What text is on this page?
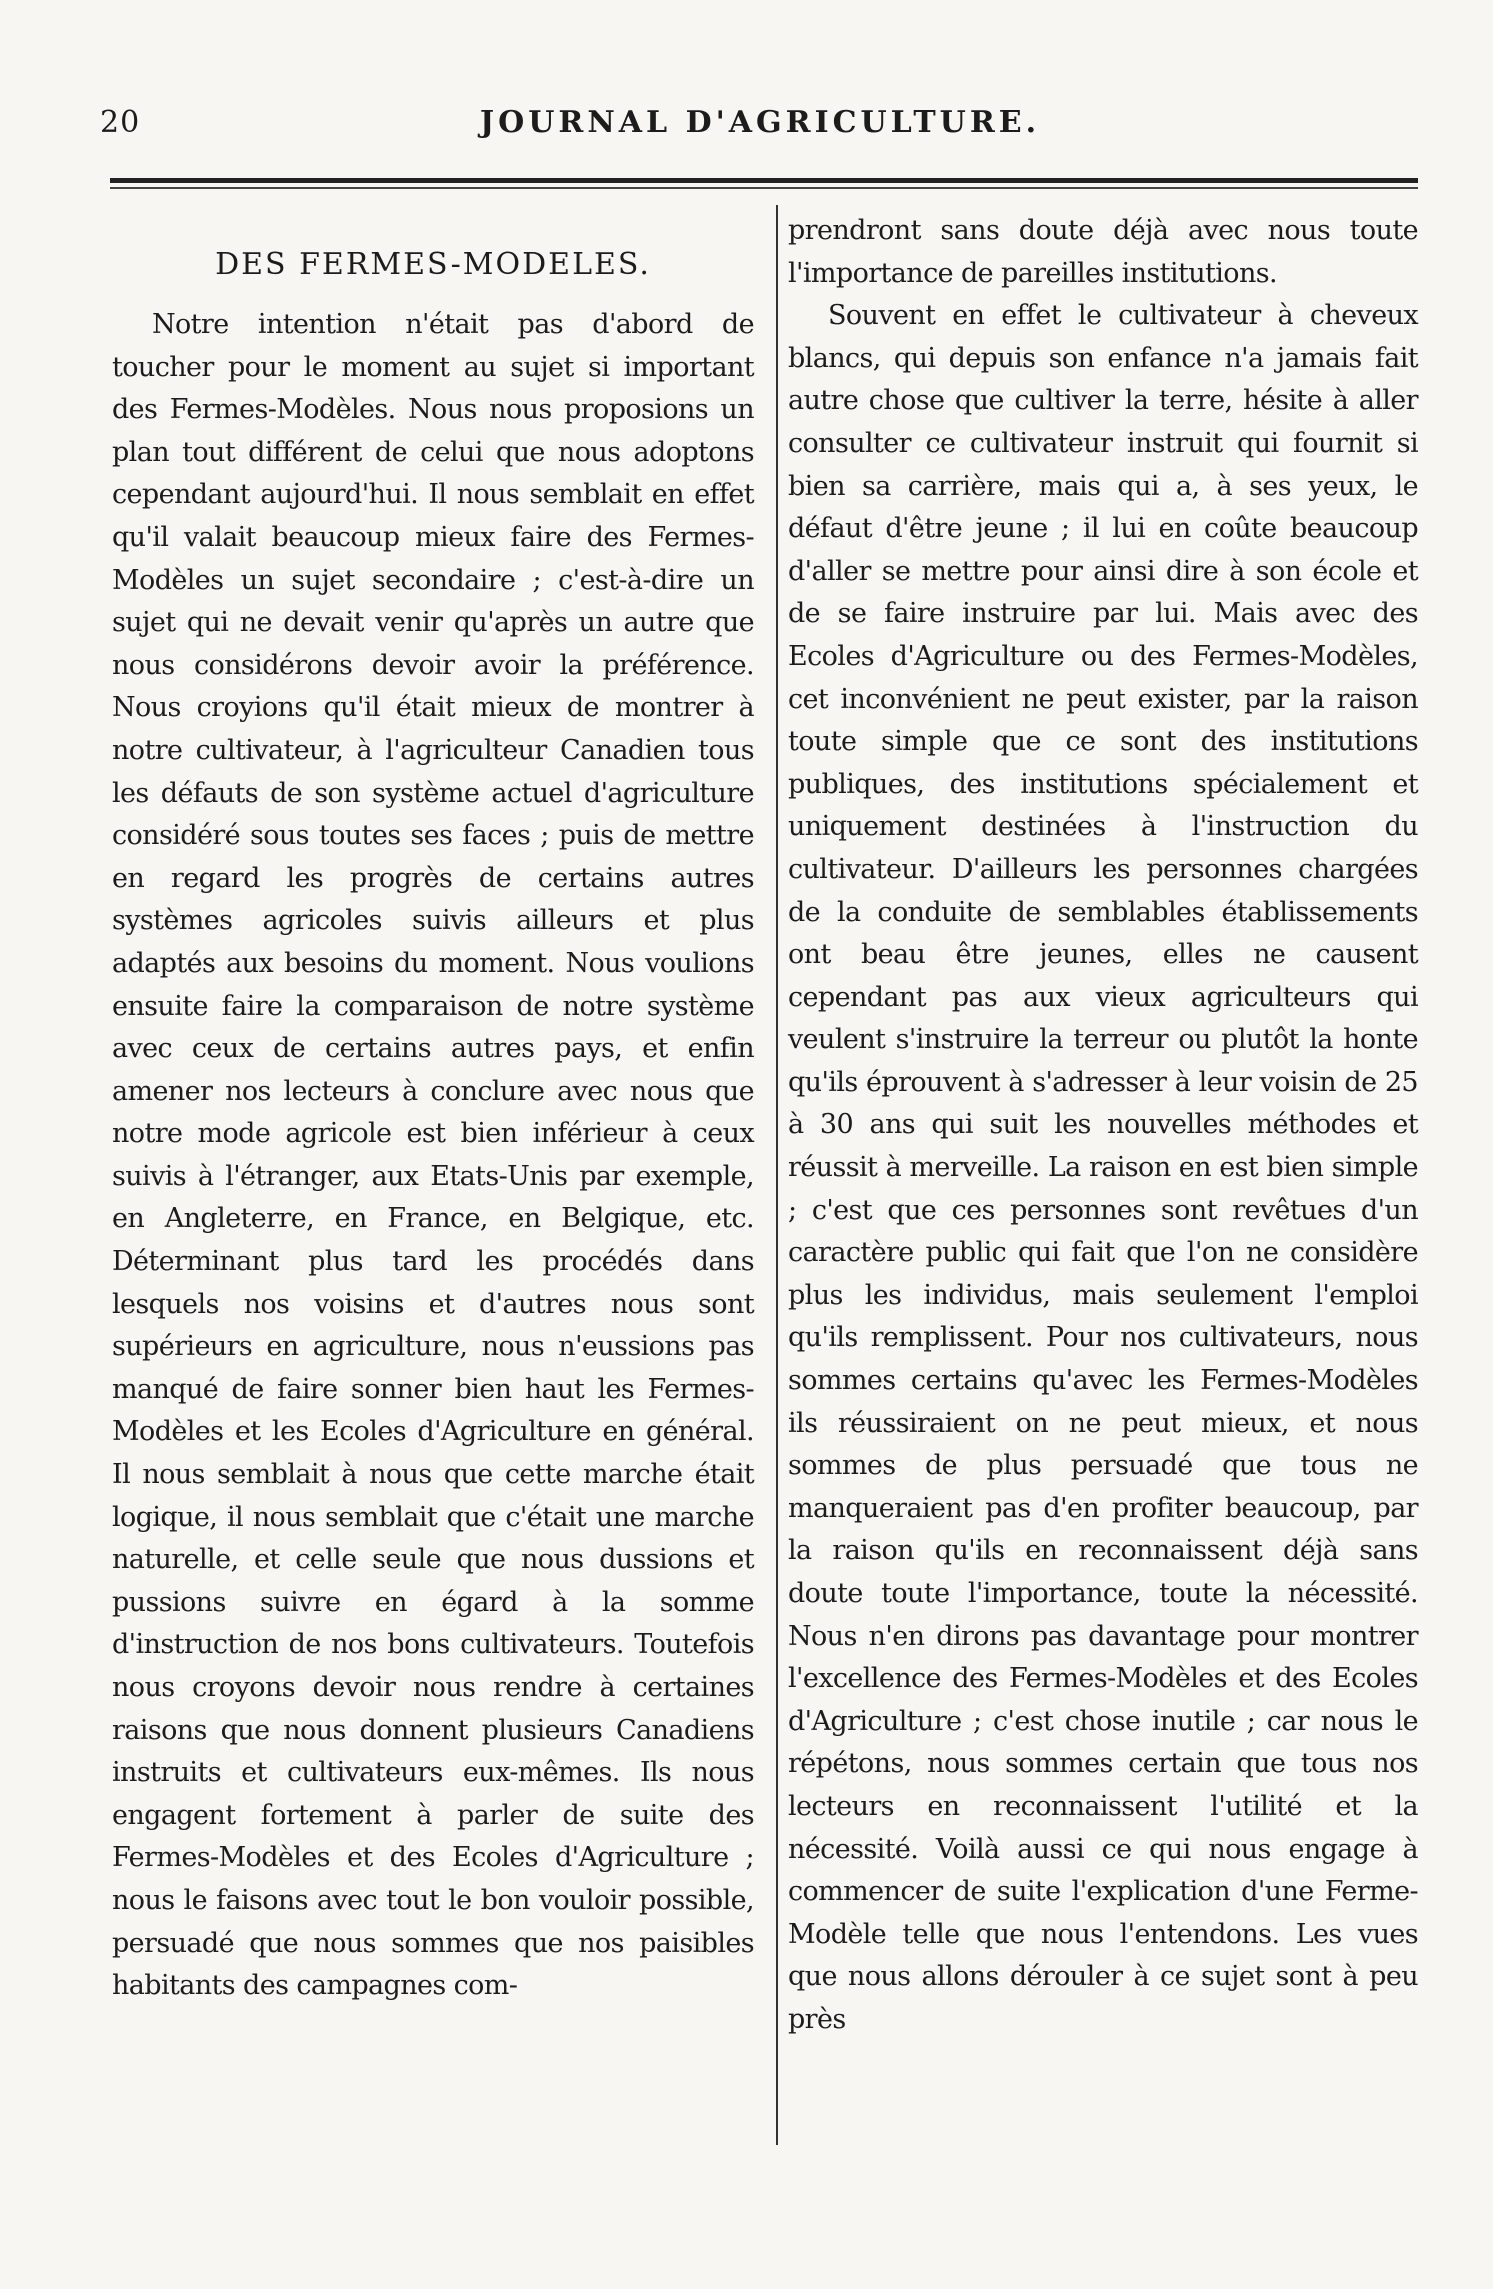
20	JOURNAL D'AGRICULTURE.
DES FERMES-MODELES.

Notre intention n'était pas d'abord de toucher pour le moment au sujet si important des Fermes-Modèles. Nous nous proposions un plan tout différent de celui que nous adoptons cependant aujourd'hui. Il nous semblait en effet qu'il valait beaucoup mieux faire des Fermes-Modèles un sujet secondaire ; c'est-à-dire un sujet qui ne devait venir qu'après un autre que nous considérons devoir avoir la préférence. Nous croyions qu'il était mieux de montrer à notre cultivateur, à l'agriculteur Canadien tous les défauts de son système actuel d'agriculture considéré sous toutes ses faces ; puis de mettre en regard les progrès de certains autres systèmes agricoles suivis ailleurs et plus adaptés aux besoins du moment. Nous voulions ensuite faire la comparaison de notre système avec ceux de certains autres pays, et enfin amener nos lecteurs à conclure avec nous que notre mode agricole est bien inférieur à ceux suivis à l'étranger, aux Etats-Unis par exemple, en Angleterre, en France, en Belgique, etc. Déterminant plus tard les procédés dans lesquels nos voisins et d'autres nous sont supérieurs en agriculture, nous n'eussions pas manqué de faire sonner bien haut les Fermes-Modèles et les Ecoles d'Agriculture en général. Il nous semblait à nous que cette marche était logique, il nous semblait que c'était une marche naturelle, et celle seule que nous dussions et pussions suivre en égard à la somme d'instruction de nos bons cultivateurs. Toutefois nous croyons devoir nous rendre à certaines raisons que nous donnent plusieurs Canadiens instruits et cultivateurs eux-mêmes. Ils nous engagent fortement à parler de suite des Fermes-Modèles et des Ecoles d'Agriculture ; nous le faisons avec tout le bon vouloir possible, persuadé que nous sommes que nos paisibles habitants des campagnes com-

prendront sans doute déjà avec nous toute l'importance de pareilles institutions.

Souvent en effet le cultivateur à cheveux blancs, qui depuis son enfance n'a jamais fait autre chose que cultiver la terre, hésite à aller consulter ce cultivateur instruit qui fournit si bien sa carrière, mais qui a, à ses yeux, le défaut d'être jeune ; il lui en coûte beaucoup d'aller se mettre pour ainsi dire à son école et de se faire instruire par lui. Mais avec des Ecoles d'Agriculture ou des Fermes-Modèles, cet inconvénient ne peut exister, par la raison toute simple que ce sont des institutions publiques, des institutions spécialement et uniquement destinées à l'instruction du cultivateur. D'ailleurs les personnes chargées de la conduite de semblables établissements ont beau être jeunes, elles ne causent cependant pas aux vieux agriculteurs qui veulent s'instruire la terreur ou plutôt la honte qu'ils éprouvent à s'adresser à leur voisin de 25 à 30 ans qui suit les nouvelles méthodes et réussit à merveille. La raison en est bien simple ; c'est que ces personnes sont revêtues d'un caractère public qui fait que l'on ne considère plus les individus, mais seulement l'emploi qu'ils remplissent. Pour nos cultivateurs, nous sommes certains qu'avec les Fermes-Modèles ils réussiraient on ne peut mieux, et nous sommes de plus persuadé que tous ne manqueraient pas d'en profiter beaucoup, par la raison qu'ils en reconnaissent déjà sans doute toute l'importance, toute la nécessité. Nous n'en dirons pas davantage pour montrer l'excellence des Fermes-Modèles et des Ecoles d'Agriculture ; c'est chose inutile ; car nous le répétons, nous sommes certain que tous nos lecteurs en reconnaissent l'utilité et la nécessité. Voilà aussi ce qui nous engage à commencer de suite l'explication d'une Ferme-Modèle telle que nous l'entendons. Les vues que nous allons dérouler à ce sujet sont à peu près
